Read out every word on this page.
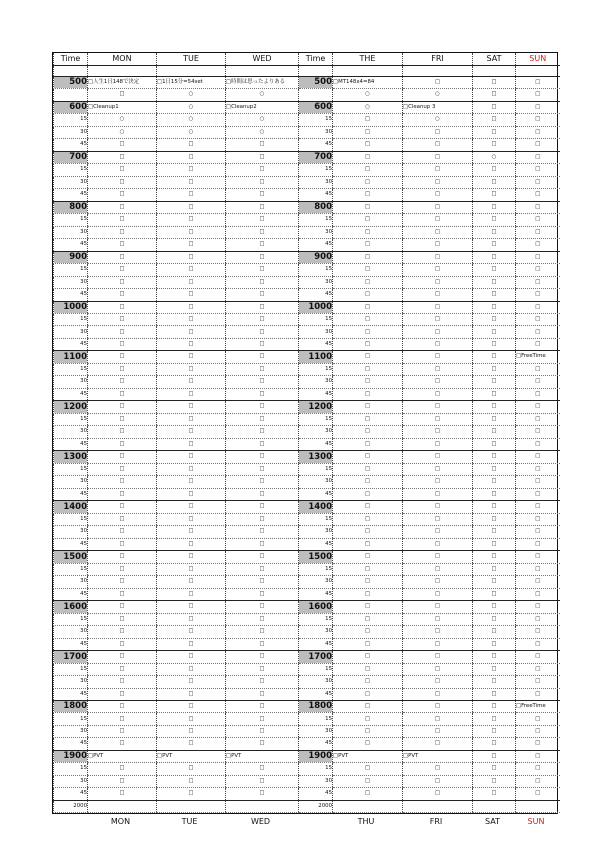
Time	MON	TUE	WED	Time	THE	FRI	SAT	SUN

500	□人生1日148で決定	□1日15分=54set	□時間は思ったよりある	500	□MT148x4=84	□	□	□
	□	○	○		○	○	□	□
600	□Cleanup1	○	□Cleanup2	600	○	□Cleanup 3	□	□
15	○	○	○	15	□	○	□	□
30	○	○	○	30	□	□	□	□
45	□	□	□	45	□	□	□	□
700	□	□	□	700	□	□	○	□
15	□	□	□	15	□	□	□	□
30	□	□	□	30	□	□	□	□
45	□	□	□	45	□	□	□	□
800	□	□	□	800	□	□	□	□
15	□	□	□	15	□	□	□	□
30	□	□	□	30	□	□	□	□
45	□	□	□	45	□	□	□	□
900	□	□	□	900	□	□	□	□
15	□	□	□	15	□	□	□	□
30	□	□	□	30	□	□	□	□
45	□	□	□	45	□	□	□	□
1000	□	□	□	1000	□	□	□	□
15	□	□	□	15	□	□	□	□
30	□	□	□	30	□	□	□	□
45	□	□	□	45	□	□	□	□
1100	□	□	□	1100	□	□	□	□FreeTime
15	□	□	□	15	□	□	□	□
30	□	□	□	30	□	□	□	□
45	□	□	□	45	□	□	□	□
1200	□	□	□	1200	□	□	□	□
15	□	□	□	15	□	□	□	□
30	□	□	□	30	□	□	□	□
45	□	□	□	45	□	□	□	□
1300	□	□	□	1300	□	□	□	□
15	□	□	□	15	□	□	□	□
30	□	□	□	30	□	□	□	□
45	□	□	□	45	□	□	□	□
1400	□	□	□	1400	□	□	□	□
15	□	□	□	15	□	□	□	□
30	□	□	□	30	□	□	□	□
45	□	□	□	45	□	□	□	□
1500	□	□	□	1500	□	□	□	□
15	□	□	□	15	□	□	□	□
30	□	□	□	30	□	□	□	□
45	□	□	□	45	□	□	□	□
1600	□	□	□	1600	□	□	□	□
15	□	□	□	15	□	□	□	□
30	□	□	□	30	□	□	□	□
45	□	□	□	45	□	□	□	□
1700	□	□	□	1700	□	□	□	□
15	□	□	□	15	□	□	□	□
30	□	□	□	30	□	□	□	□
45	□	□	□	45	□	□	□	□
1800	□	□	□	1800	□	□	□	□FreeTime
15	□	□	□	15	□	□	□	□
30	□	□	□	30	□	□	□	□
45	□	□	□	45	□	□	□	□
1900	□PVT	□PVT	□PVT	1900	□PVT	□PVT	□	□
15	□	□	□	15	□	□	□	□
30	□	□	□	30	□	□	□	□
45	□	□	□	45	□	□	□	□
2000				2000				
MON	TUE	WED	THU	FRI	SAT	SUN
